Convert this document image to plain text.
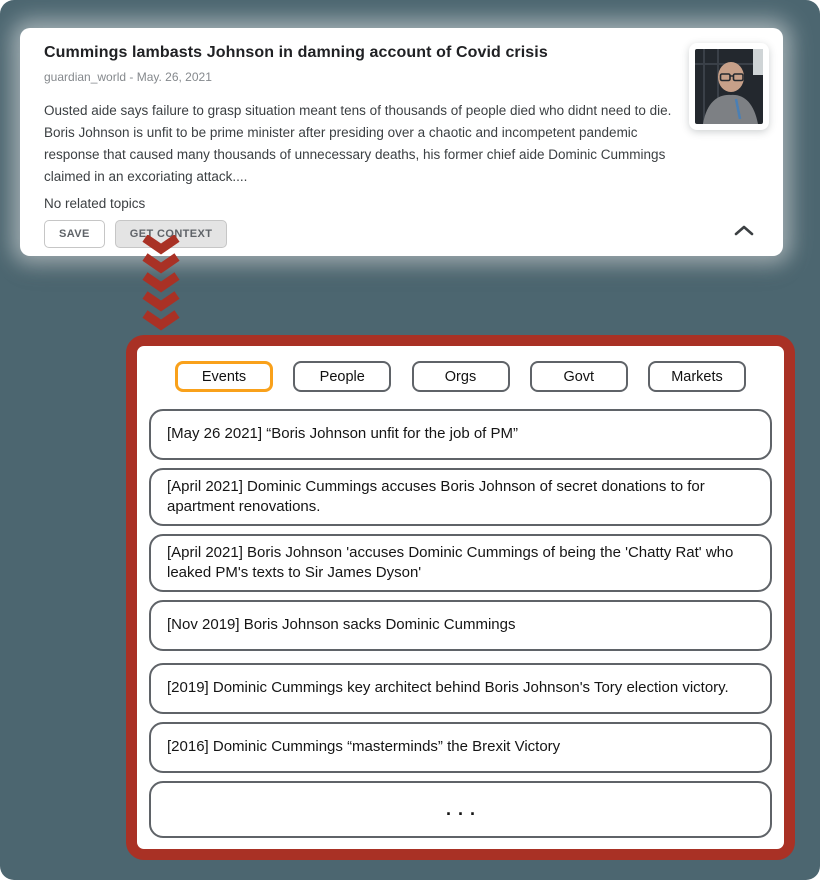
Cummings lambasts Johnson in damning account of Covid crisis
guardian_world - May. 26, 2021
Ousted aide says failure to grasp situation meant tens of thousands of people died who didnt need to die. Boris Johnson is unfit to be prime minister after presiding over a chaotic and incompetent pandemic response that caused many thousands of unnecessary deaths, his former chief aide Dominic Cummings claimed in an excoriating attack....
No related topics
SAVE	GET CONTEXT
Events	People	Orgs	Govt	Markets
[May 26 2021] “Boris Johnson unfit for the job of PM”
[April 2021] Dominic Cummings accuses Boris Johnson of secret donations to for apartment renovations.
[April 2021] Boris Johnson 'accuses Dominic Cummings of being the 'Chatty Rat' who leaked PM's texts to Sir James Dyson'
[Nov 2019] Boris Johnson sacks Dominic Cummings
[2019] Dominic Cummings key architect behind Boris Johnson's Tory election victory.
[2016] Dominic Cummings “masterminds” the Brexit Victory
...
